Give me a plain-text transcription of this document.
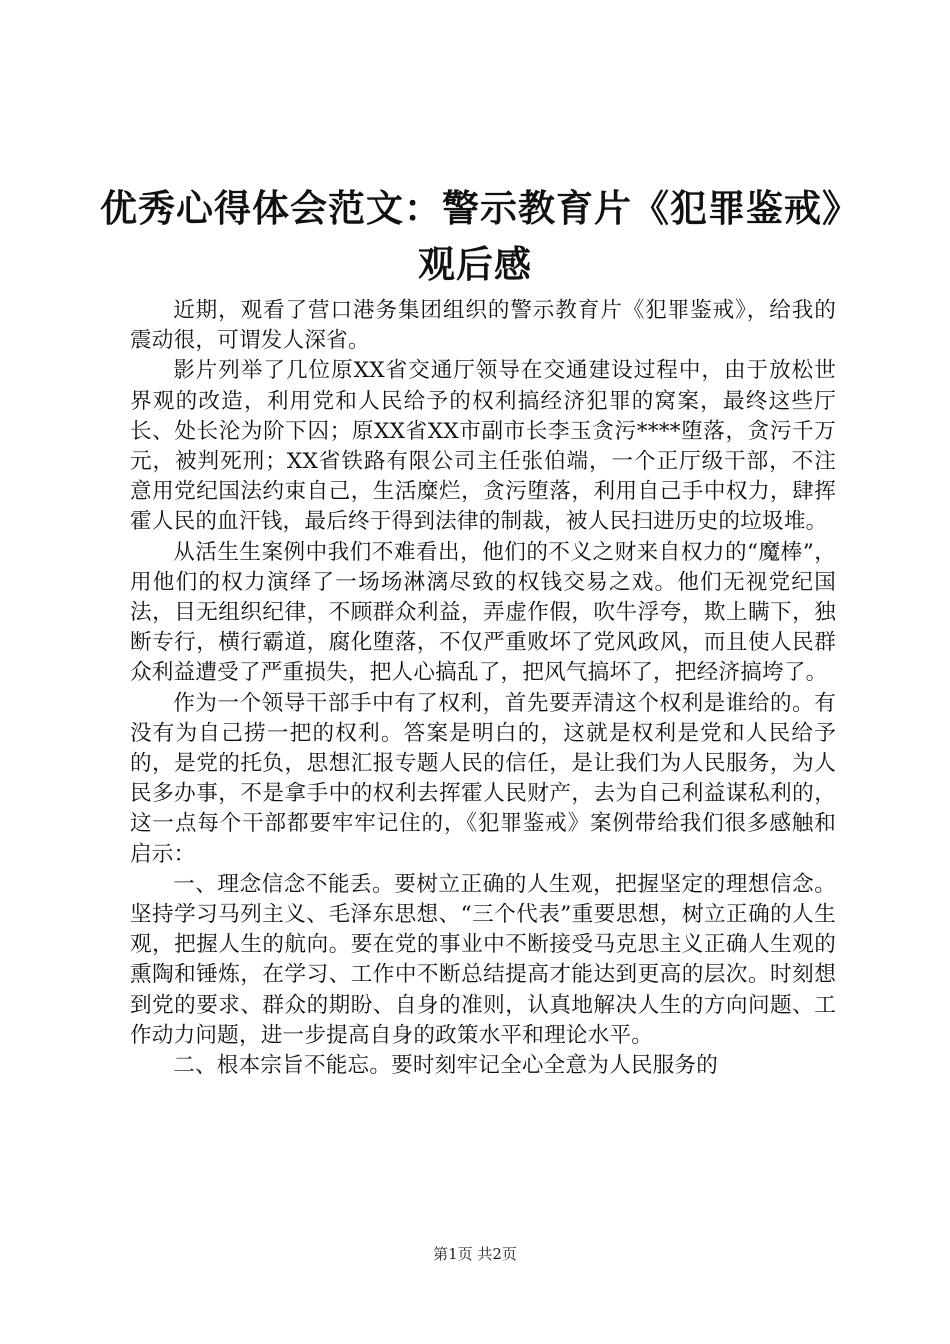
优秀心得体会范文：警示教育片《犯罪鉴戒》
观后感

近期，观看了营口港务集团组织的警示教育片《犯罪鉴戒》，给我的震动很，可谓发人深省。

影片列举了几位原XX省交通厅领导在交通建设过程中，由于放松世界观的改造，利用党和人民给予的权利搞经济犯罪的窝案，最终这些厅长、处长沦为阶下囚；原XX省XX市副市长李玉贪污****堕落，贪污千万元，被判死刑；XX省铁路有限公司主任张伯端，一个正厅级干部，不注意用党纪国法约束自己，生活糜烂，贪污堕落，利用自己手中权力，肆挥霍人民的血汗钱，最后终于得到法律的制裁，被人民扫进历史的垃圾堆。

从活生生案例中我们不难看出，他们的不义之财来自权力的“魔棒”，用他们的权力演绎了一场场淋漓尽致的权钱交易之戏。他们无视党纪国法，目无组织纪律，不顾群众利益，弄虚作假，吹牛浮夸，欺上瞒下，独断专行，横行霸道，腐化堕落，不仅严重败坏了党风政风，而且使人民群众利益遭受了严重损失，把人心搞乱了，把风气搞坏了，把经济搞垮了。

作为一个领导干部手中有了权利，首先要弄清这个权利是谁给的。有没有为自己捞一把的权利。答案是明白的，这就是权利是党和人民给予的，是党的托负，思想汇报专题人民的信任，是让我们为人民服务，为人民多办事，不是拿手中的权利去挥霍人民财产，去为自己利益谋私利的，这一点每个干部都要牢牢记住的，《犯罪鉴戒》案例带给我们很多感触和启示：

一、理念信念不能丢。要树立正确的人生观，把握坚定的理想信念。坚持学习马列主义、毛泽东思想、“三个代表”重要思想，树立正确的人生观，把握人生的航向。要在党的事业中不断接受马克思主义正确人生观的熏陶和锤炼，在学习、工作中不断总结提高才能达到更高的层次。时刻想到党的要求、群众的期盼、自身的准则，认真地解决人生的方向问题、工作动力问题，进一步提高自身的政策水平和理论水平。

二、根本宗旨不能忘。要时刻牢记全心全意为人民服务的

第1页 共2页
